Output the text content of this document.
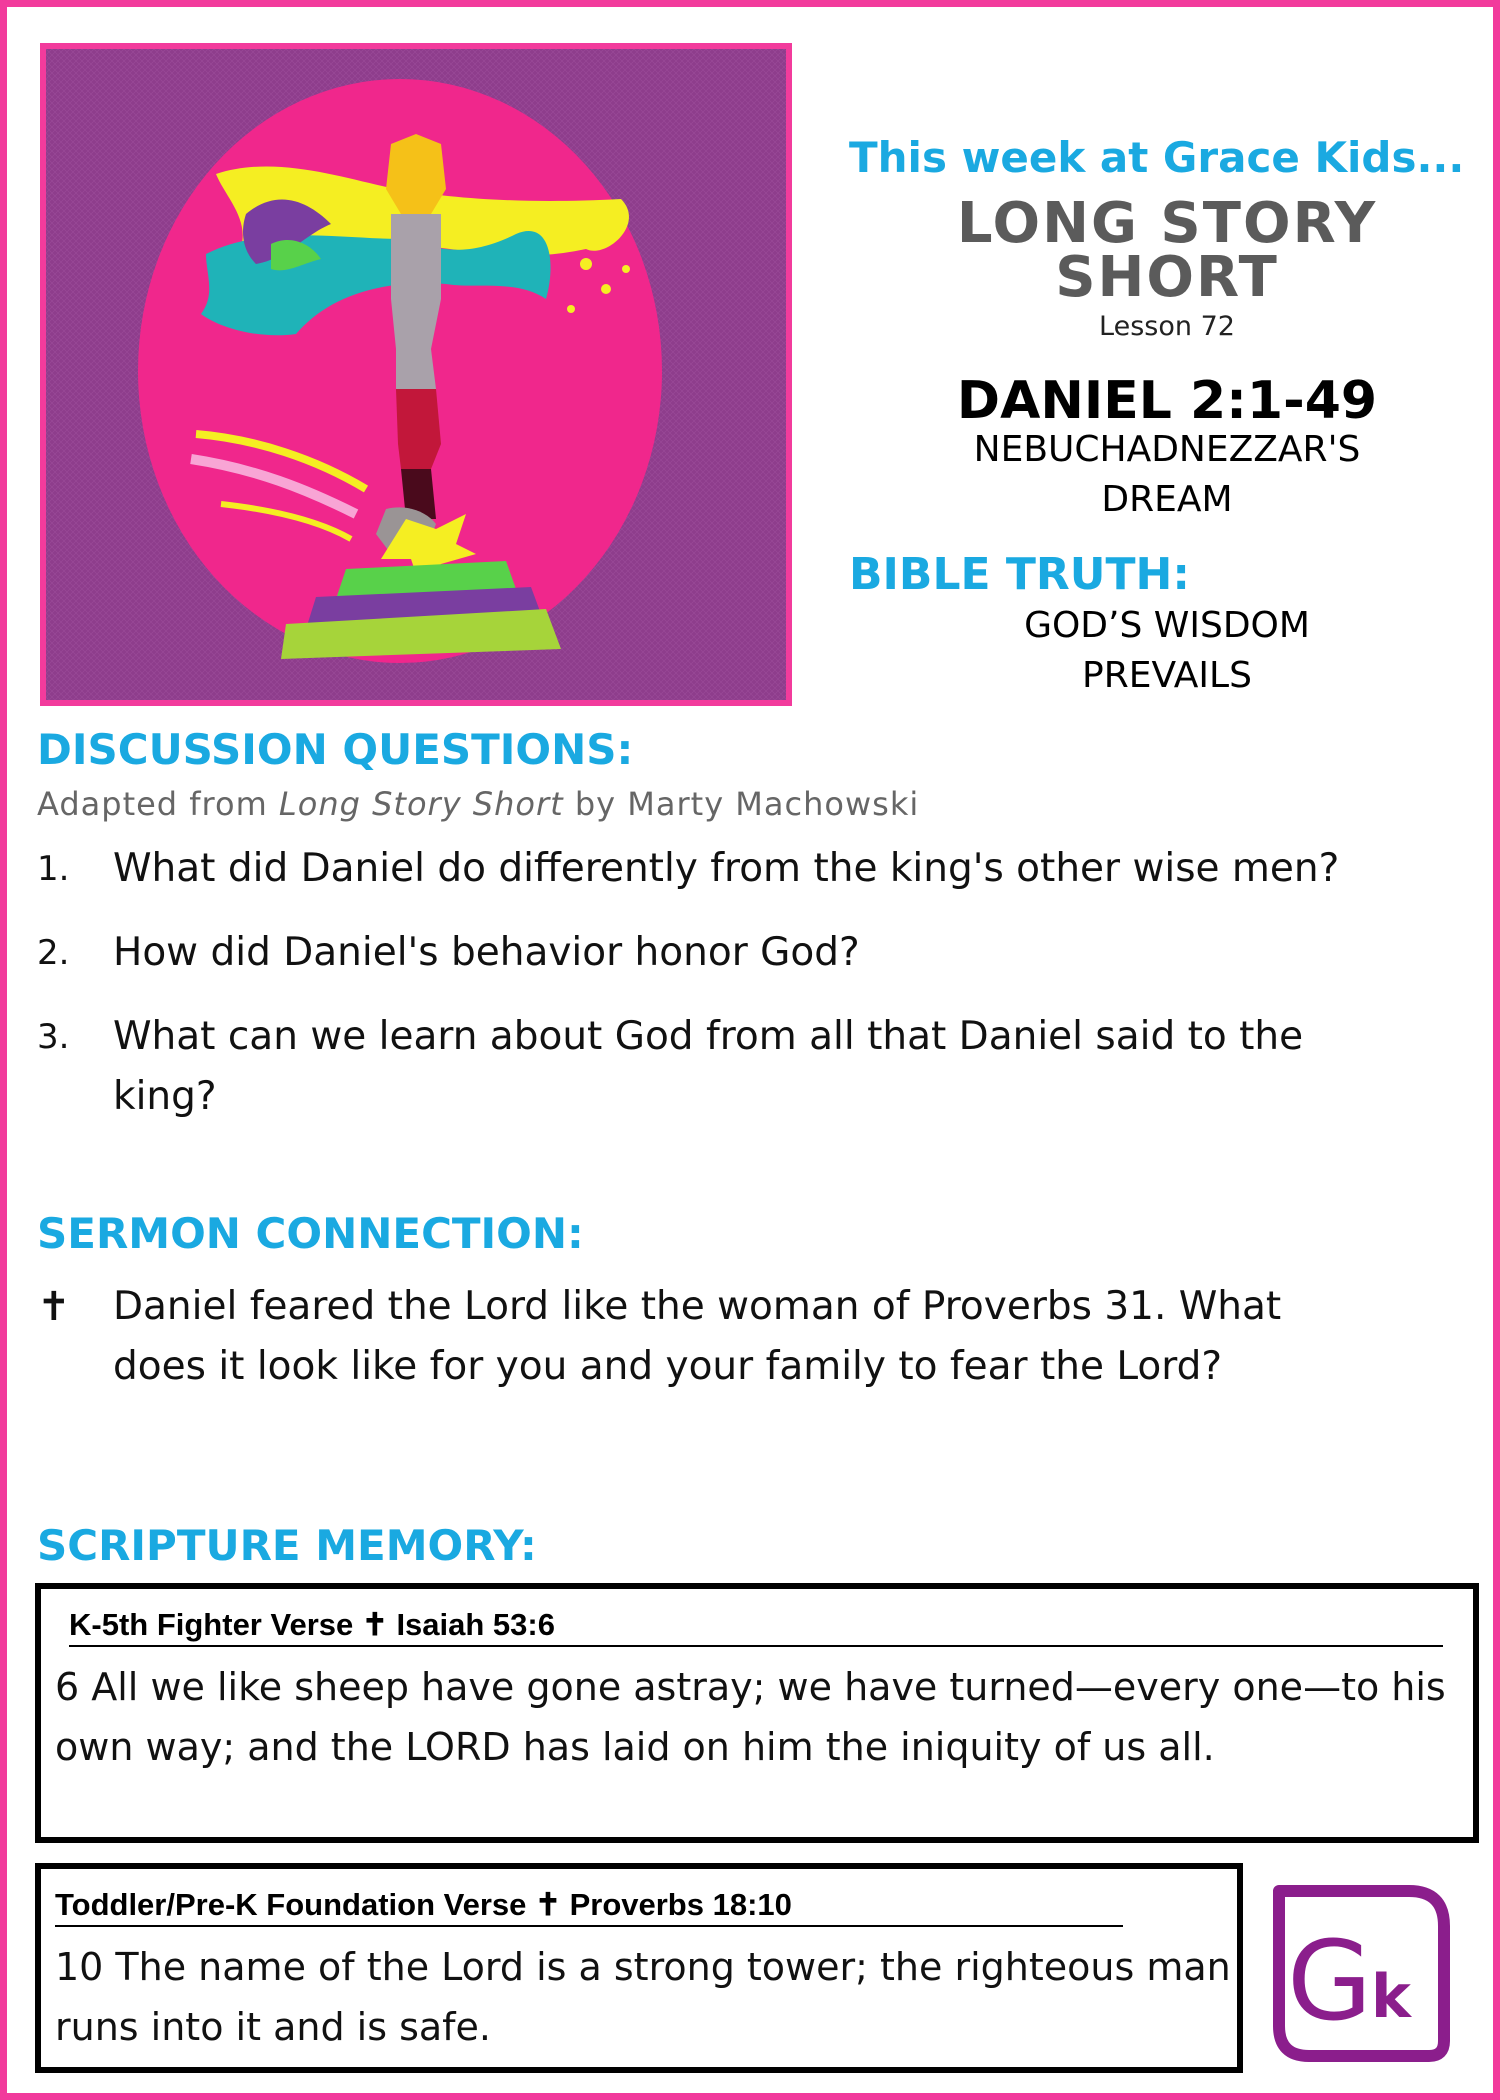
This week at Grace Kids...
LONG STORY
SHORT
Lesson 72
DANIEL 2:1-49
NEBUCHADNEZZAR'S
DREAM
BIBLE TRUTH:
GOD’S WISDOM
PREVAILS
DISCUSSION QUESTIONS:
Adapted from Long Story Short by Marty Machowski
1.	What did Daniel do differently from the king's other wise men?
2.	How did Daniel's behavior honor God?
3.	What can we learn about God from all that Daniel said to the king?
SERMON CONNECTION:
✝	Daniel feared the Lord like the woman of Proverbs 31. What does it look like for you and your family to fear the Lord?
SCRIPTURE MEMORY:
K-5th Fighter Verse ✝ Isaiah 53:6
6 All we like sheep have gone astray; we have turned—every one—to his own way; and the LORD has laid on him the iniquity of us all.
Toddler/Pre-K Foundation Verse ✝ Proverbs 18:10
10 The name of the Lord is a strong tower; the righteous man runs into it and is safe.	G
k
